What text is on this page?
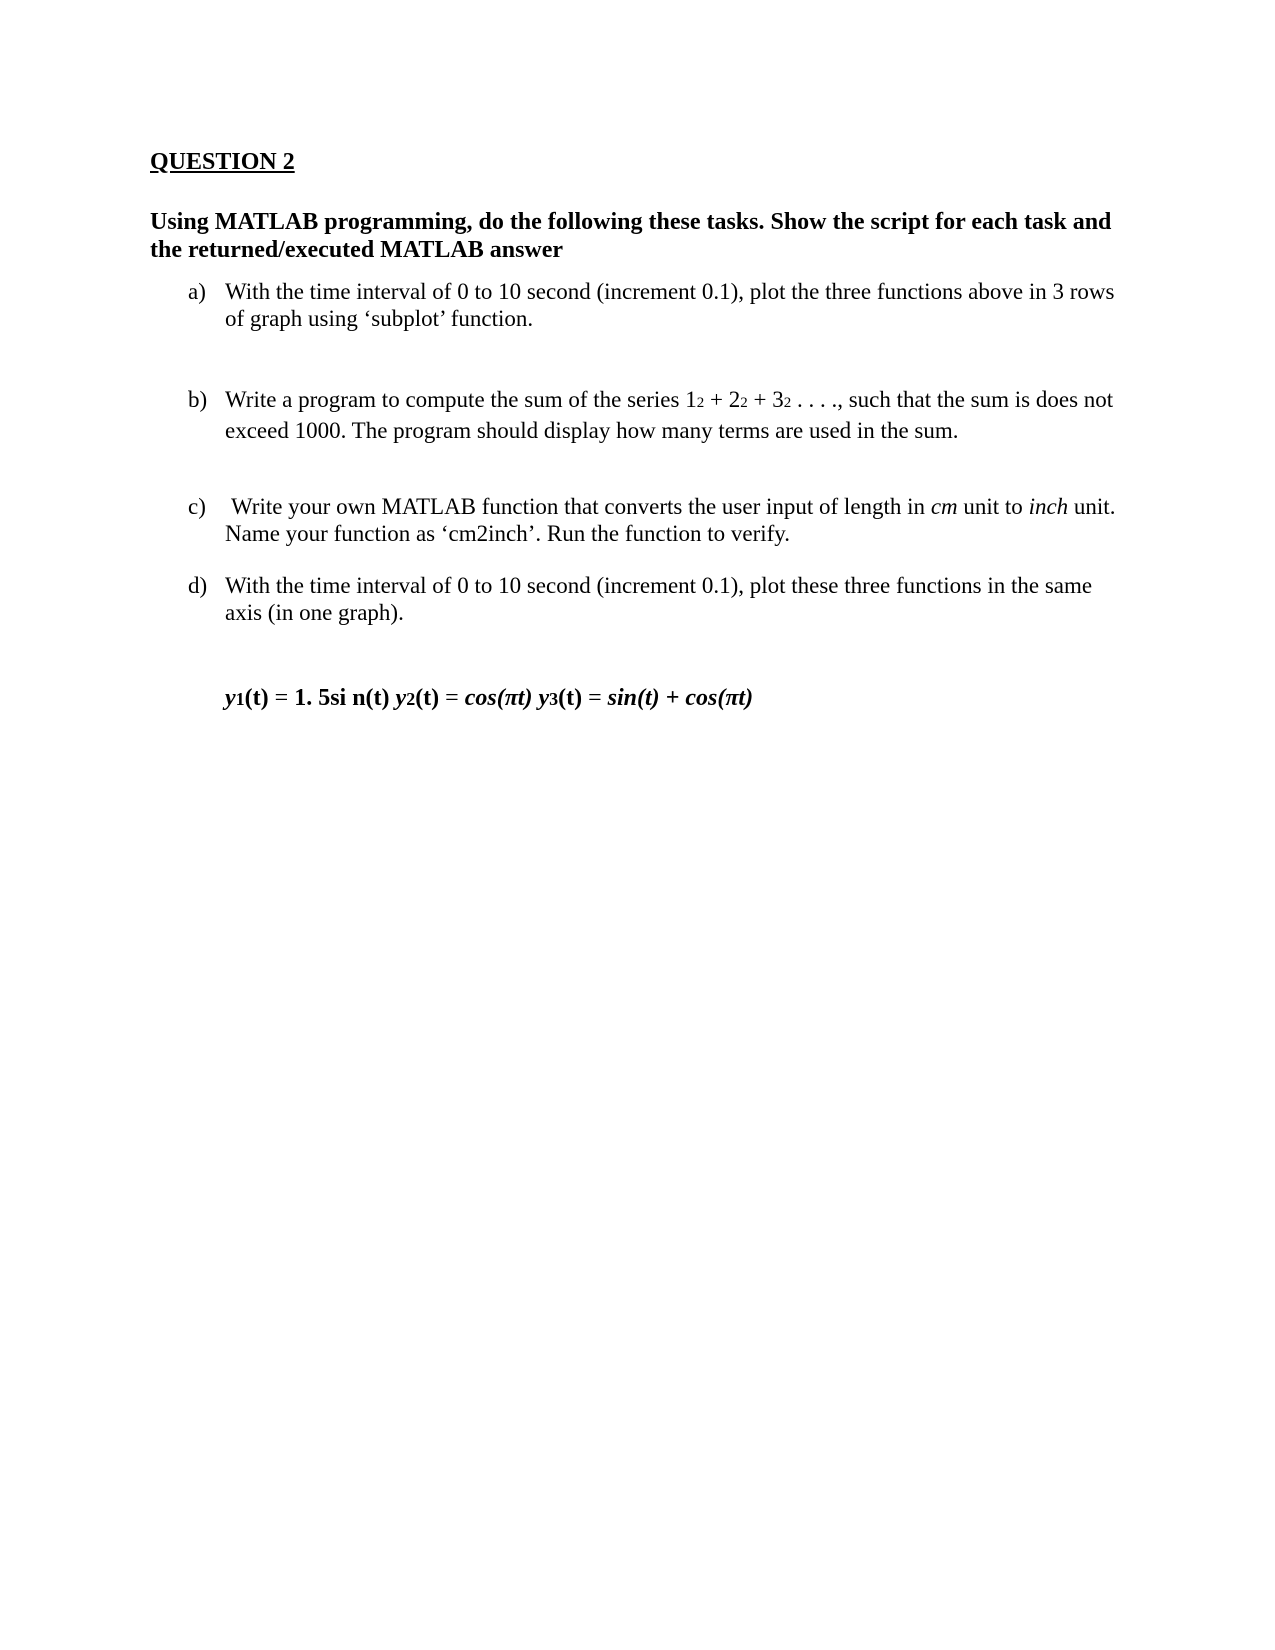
QUESTION 2
Using MATLAB programming, do the following these tasks. Show the script for each task and the returned/executed MATLAB answer
a) With the time interval of 0 to 10 second (increment 0.1), plot the three functions above in 3 rows of graph using ‘subplot’ function.
b) Write a program to compute the sum of the series 12 + 22 + 32 . . . ., such that the sum is does not exceed 1000. The program should display how many terms are used in the sum.
c) Write your own MATLAB function that converts the user input of length in cm unit to inch unit. Name your function as ‘cm2inch’. Run the function to verify.
d) With the time interval of 0 to 10 second (increment 0.1), plot these three functions in the same axis (in one graph).
y1(t) = 1. 5si n(t) y2(t) = cos(πt) y3(t) = sin(t) + cos(πt)
